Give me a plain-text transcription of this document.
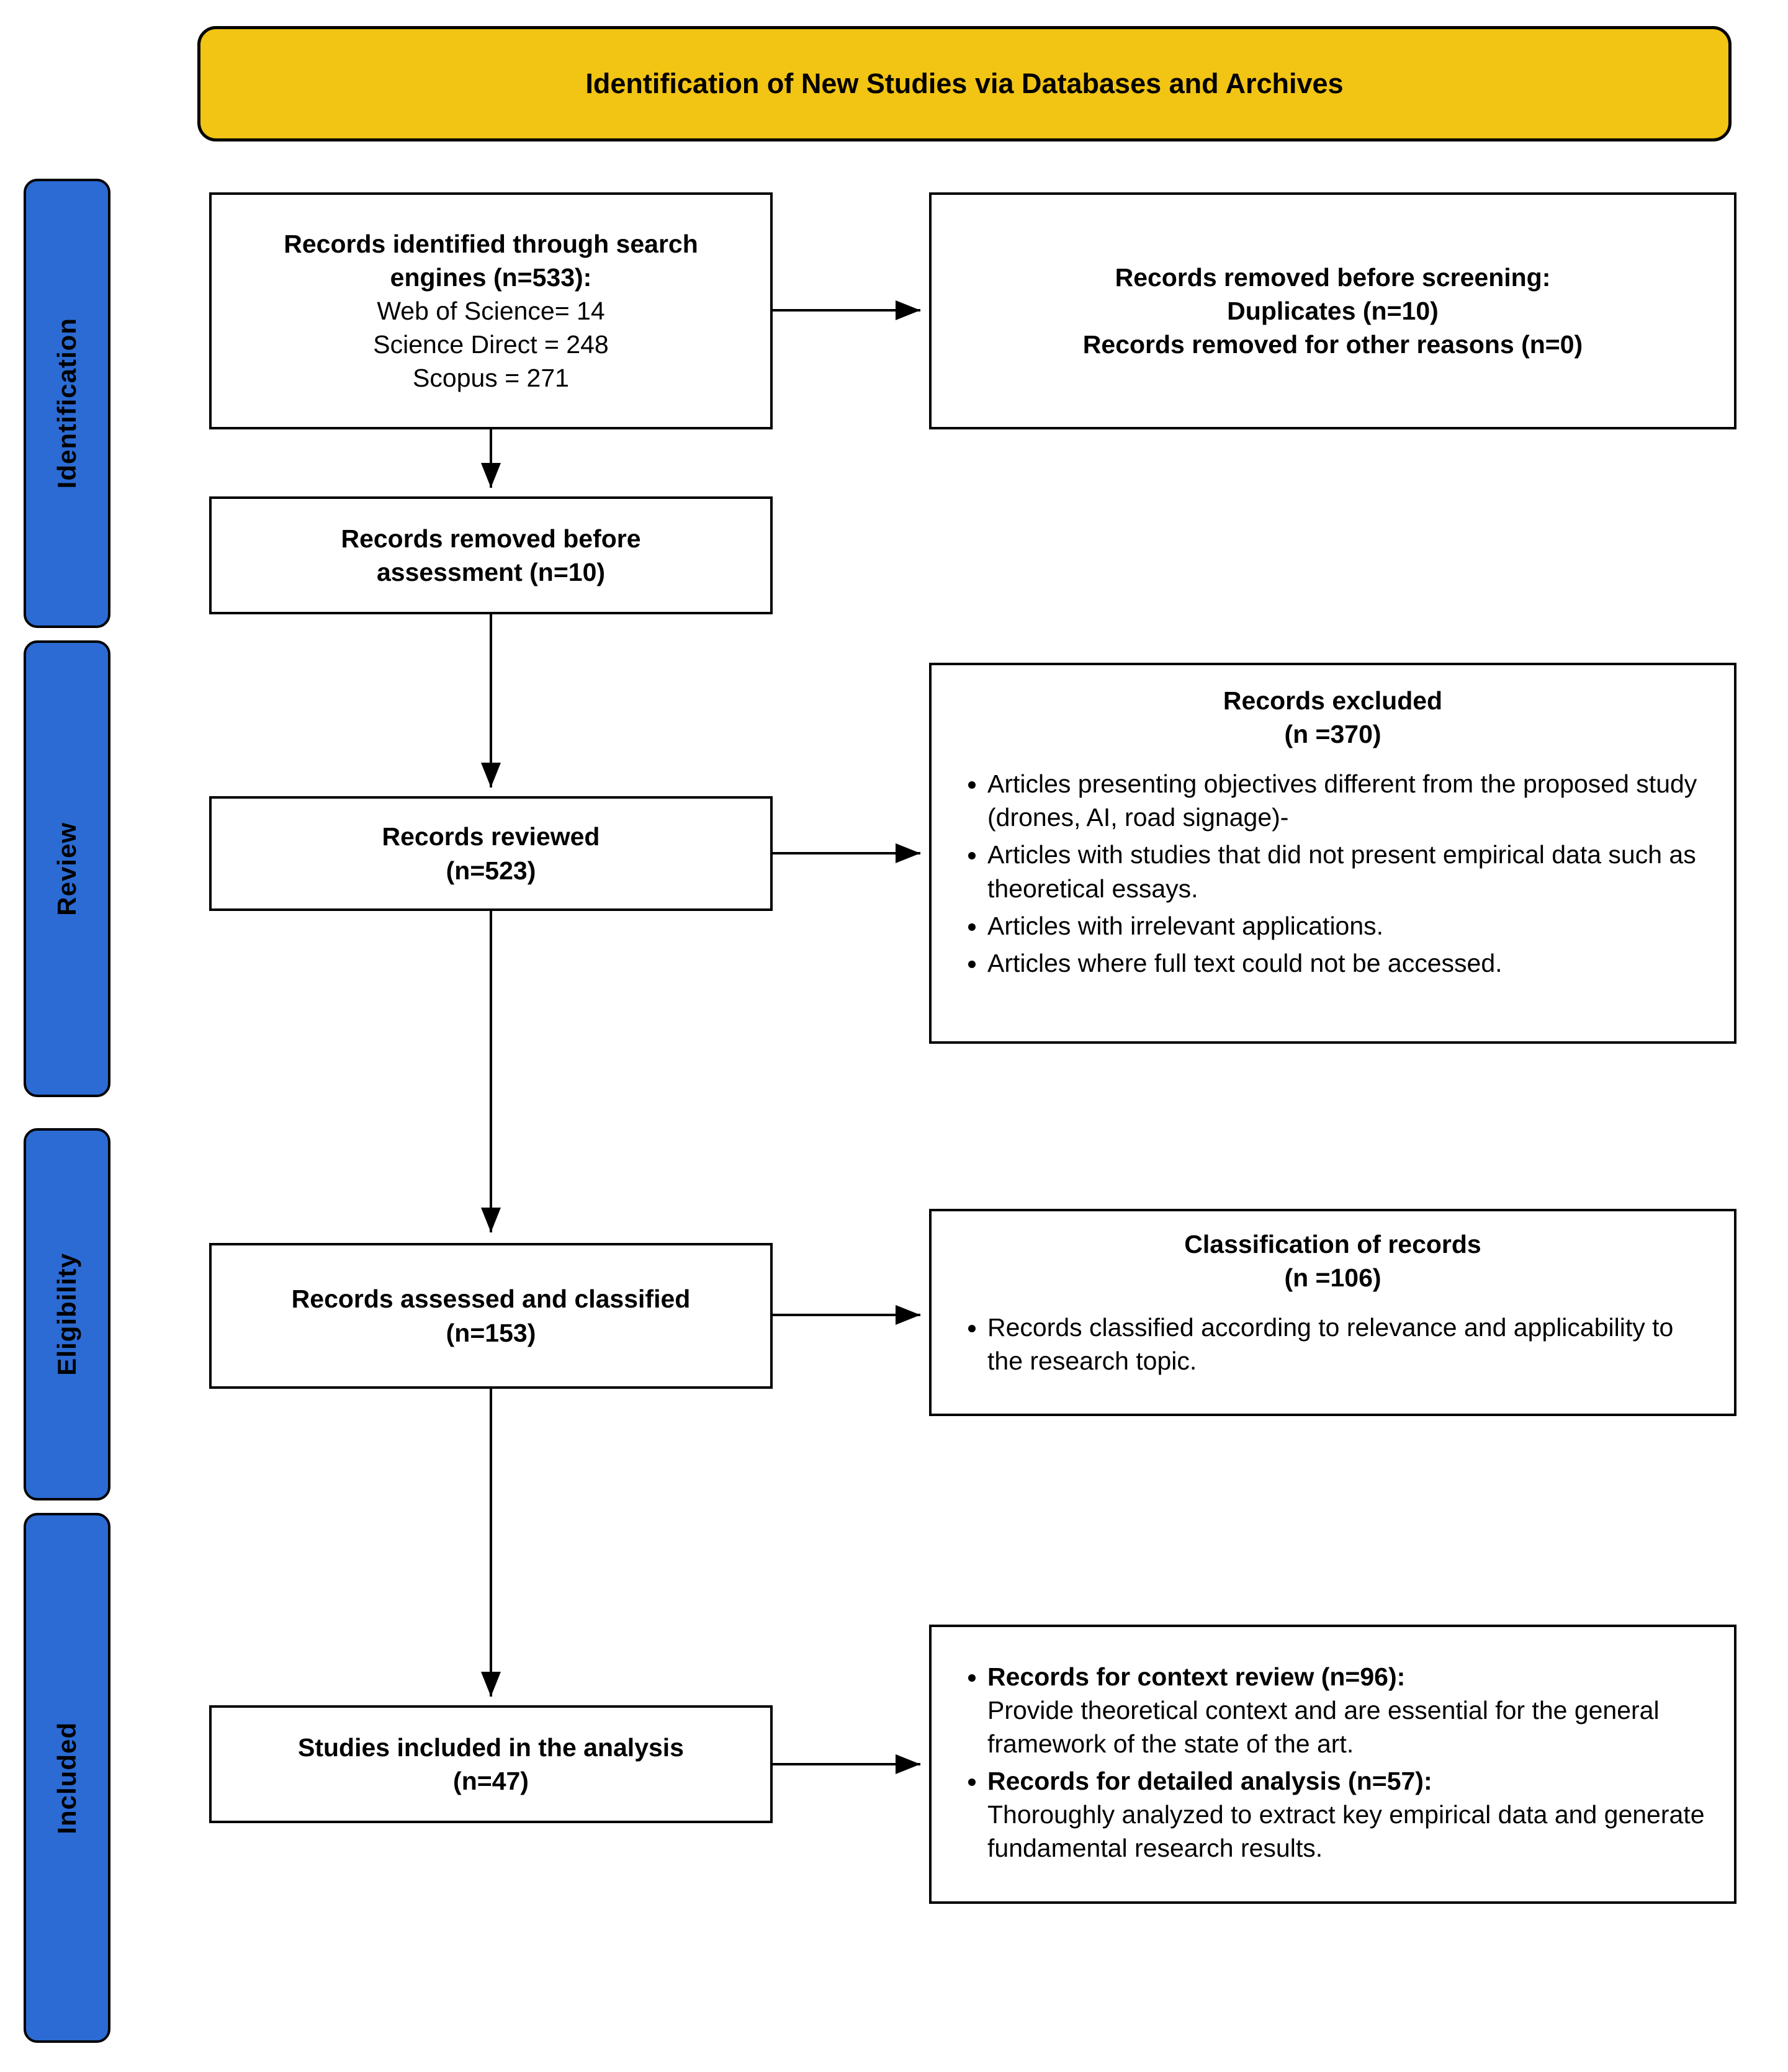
Identification of New Studies via Databases and Archives
Identification
Review
Eligibility
Included
Records identified through search
engines (n=533):
Web of Science= 14
Science Direct = 248
Scopus = 271
Records removed before
assessment (n=10)
Records reviewed
(n=523)
Records assessed and classified
(n=153)
Studies included in the analysis
(n=47)
Records removed before screening:
Duplicates (n=10)
Records removed for other reasons (n=0)
Records excluded
(n =370)
• Articles presenting objectives different from the proposed study (drones, AI, road signage)-
• Articles with studies that did not present empirical data such as theoretical essays.
• Articles with irrelevant applications.
• Articles where full text could not be accessed.
Classification of records
(n =106)
• Records classified according to relevance and applicability to the research topic.
• Records for context review (n=96):
Provide theoretical context and are essential for the general framework of the state of the art.
• Records for detailed analysis (n=57):
Thoroughly analyzed to extract key empirical data and generate fundamental research results.
